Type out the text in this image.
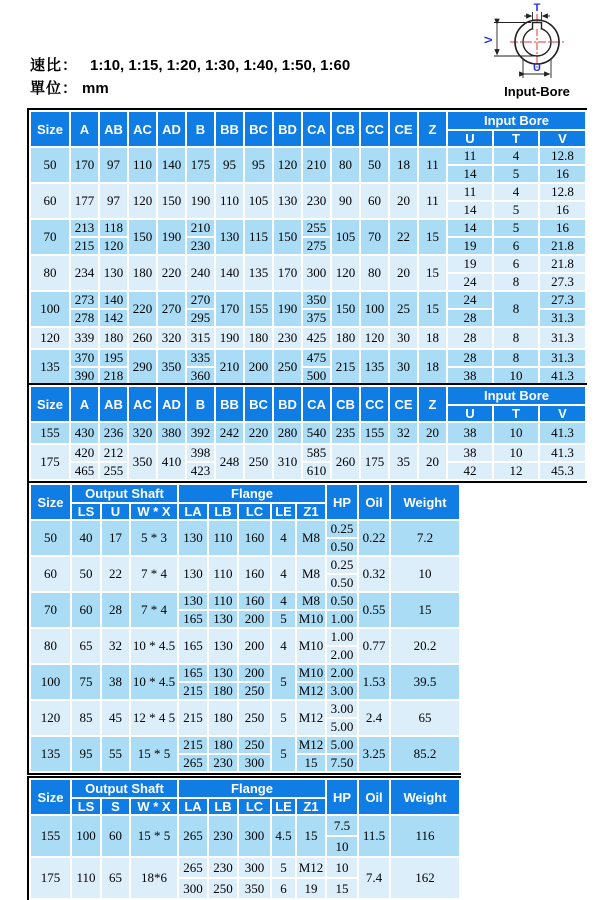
速比： 1:10, 1:15, 1:20, 1:30, 1:40, 1:50, 1:60
單位： mm
T
V
U
Input-Bore
Size	A	AB	AC	AD	B	BB	BC	BD	CA	CB	CC	CE	Z	Input Bore		
														U	T	V
50	170	97	110	140	175	95	95	120	210	80	50	18	11	11	4	12.8
														14	5	16
60	177	97	120	150	190	110	105	130	230	90	60	20	11	11	4	12.8
														14	5	16
70	213	118	150	190	210	130	115	150	255	105	70	22	15	14	5	16
	215	120			230				275					19	6	21.8
80	234	130	180	220	240	140	135	170	300	120	80	20	15	19	6	21.8
														24	8	27.3
100	273	140	220	270	270	170	155	190	350	150	100	25	15	24	8	27.3
	278	142			295				375					28		31.3
120	339	180	260	320	315	190	180	230	425	180	120	30	18	28	8	31.3
135	370	195	290	350	335	210	200	250	475	215	135	30	18	28	8	31.3
	390	218			360				500					38	10	41.3
Size	A	AB	AC	AD	B	BB	BC	BD	CA	CB	CC	CE	Z	Input Bore		
														U	T	V
155	430	236	320	380	392	242	220	280	540	235	155	32	20	38	10	41.3
175	420	212	350	410	398	248	250	310	585	260	175	35	20	38	10	41.3
	465	255			423				610					42	12	45.3
Size	Output Shaft			Flange					HP	Oil	Weight
	LS	U	W * X	LA	LB	LC	LE	Z1			
50	40	17	5 * 3	130	110	160	4	M8	0.25	0.22	7.2
									0.50		
60	50	22	7 * 4	130	110	160	4	M8	0.25	0.32	10
									0.50		
70	60	28	7 * 4	130	110	160	4	M8	0.50	0.55	15
				165	130	200	5	M10	1.00		
80	65	32	10 * 4.5	165	130	200	4	M10	1.00	0.77	20.2
									2.00		
100	75	38	10 * 4.5	165	130	200	5	M10	2.00	1.53	39.5
				215	180	250		M12	3.00		
120	85	45	12 * 4 5	215	180	250	5	M12	3.00	2.4	65
									5.00		
135	95	55	15 * 5	215	180	250	5	M12	5.00	3.25	85.2
				265	230	300		15	7.50		
Size	Output Shaft			Flange					HP	Oil	Weight
	LS	S	W * X	LA	LB	LC	LE	Z1			
155	100	60	15 * 5	265	230	300	4.5	15	7.5	11.5	116
									10		
175	110	65	18*6	265	230	300	5	M12	10	7.4	162
				300	250	350	6	19	15		
